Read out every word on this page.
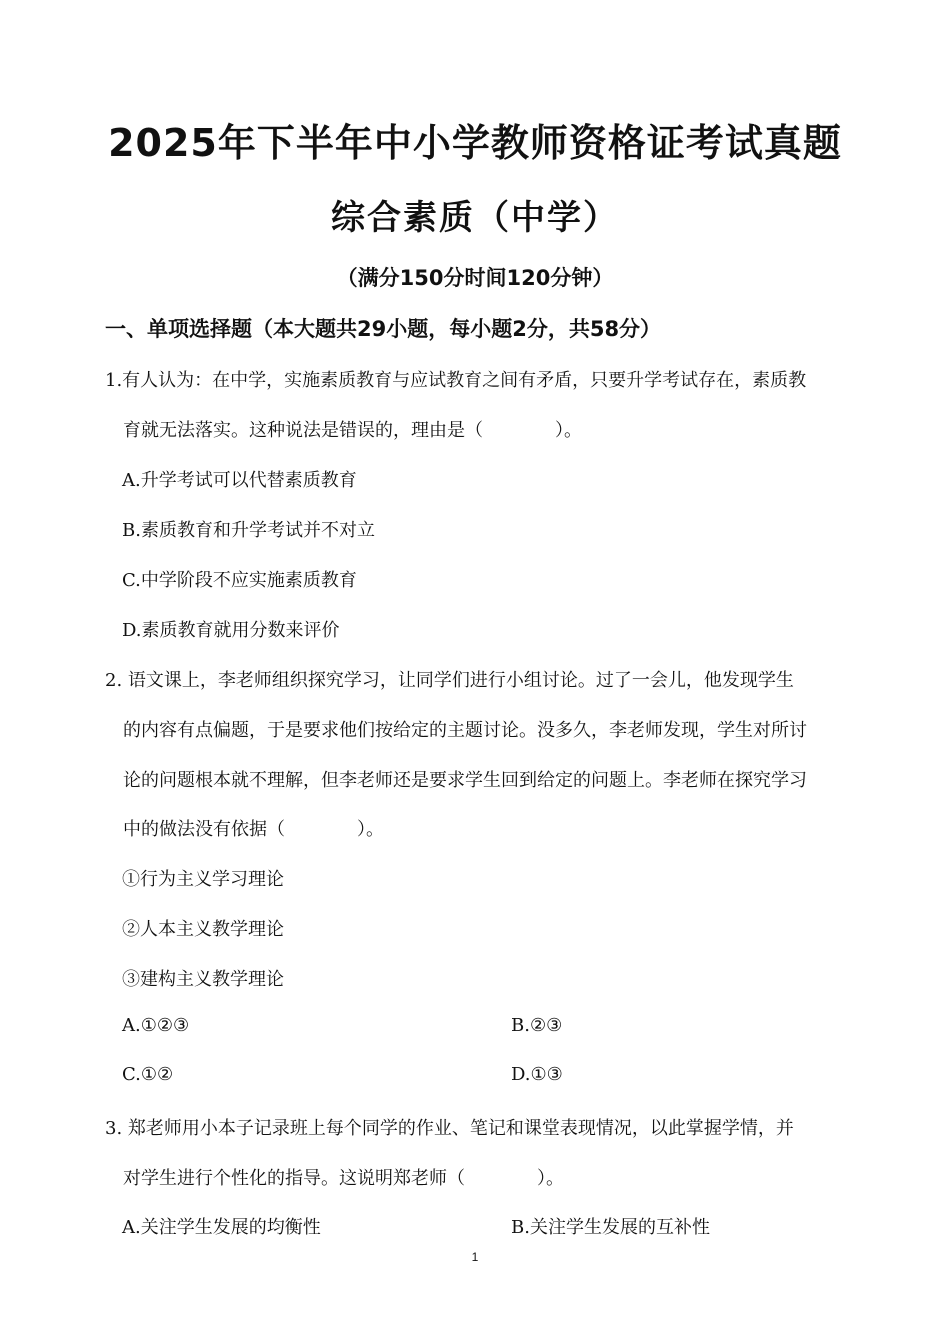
2025年下半年中小学教师资格证考试真题
综合素质（中学）
（满分150分时间120分钟）
一、单项选择题（本大题共29小题，每小题2分，共58分）
1.有人认为：在中学，实施素质教育与应试教育之间有矛盾，只要升学考试存在，素质教
育就无法落实。这种说法是错误的，理由是（　　　　）。
A.升学考试可以代替素质教育
B.素质教育和升学考试并不对立
C.中学阶段不应实施素质教育
D.素质教育就用分数来评价
2. 语文课上，李老师组织探究学习，让同学们进行小组讨论。过了一会儿，他发现学生
的内容有点偏题，于是要求他们按给定的主题讨论。没多久，李老师发现，学生对所讨
论的问题根本就不理解，但李老师还是要求学生回到给定的问题上。李老师在探究学习
中的做法没有依据（　　　　）。
①行为主义学习理论
②人本主义教学理论
③建构主义教学理论
A.①②③	B.②③
C.①②	D.①③
3. 郑老师用小本子记录班上每个同学的作业、笔记和课堂表现情况，以此掌握学情，并
对学生进行个性化的指导。这说明郑老师（　　　　）。
A.关注学生发展的均衡性	B.关注学生发展的互补性
1
